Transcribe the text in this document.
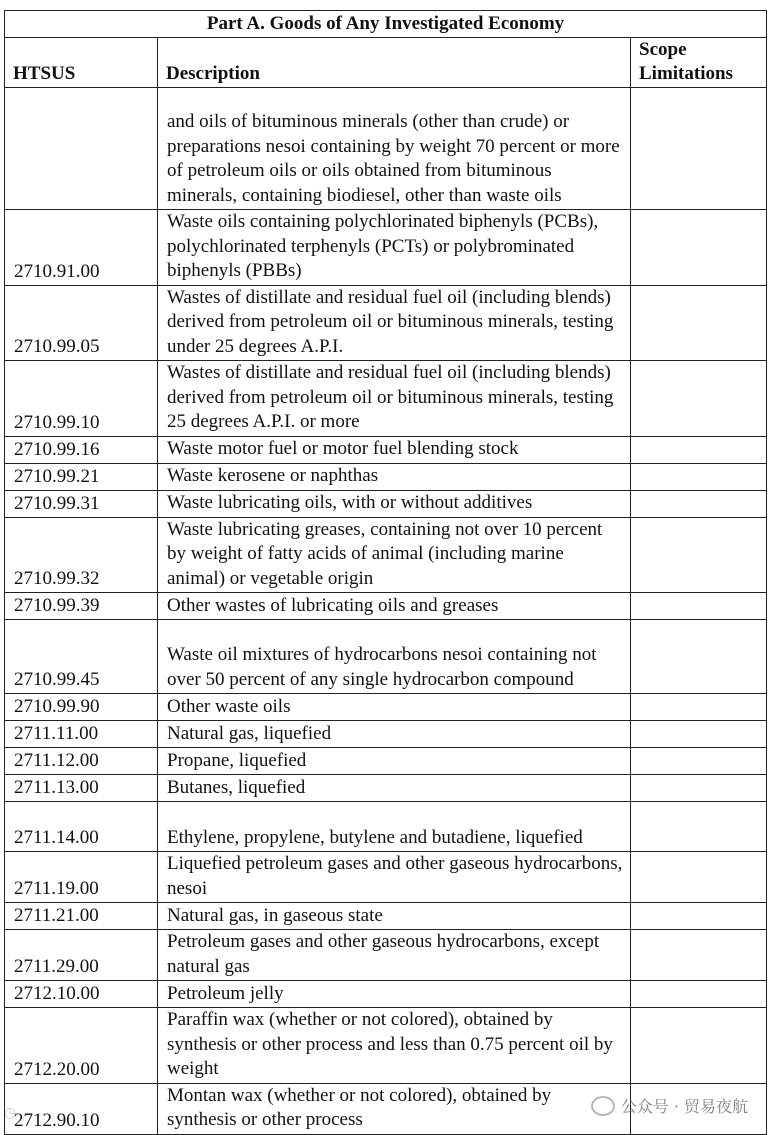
Part A. Goods of Any Investigated Economy		
HTSUS	Description	Scope Limitations
	and oils of bituminous minerals (other than crude) or preparations nesoi containing by weight 70 percent or more of petroleum oils or oils obtained from bituminous minerals, containing biodiesel, other than waste oils	
2710.91.00	Waste oils containing polychlorinated biphenyls (PCBs), polychlorinated terphenyls (PCTs) or polybrominated biphenyls (PBBs)	
2710.99.05	Wastes of distillate and residual fuel oil (including blends) derived from petroleum oil or bituminous minerals, testing under 25 degrees A.P.I.	
2710.99.10	Wastes of distillate and residual fuel oil (including blends) derived from petroleum oil or bituminous minerals, testing 25 degrees A.P.I. or more	
2710.99.16	Waste motor fuel or motor fuel blending stock	
2710.99.21	Waste kerosene or naphthas	
2710.99.31	Waste lubricating oils, with or without additives	
2710.99.32	Waste lubricating greases, containing not over 10 percent by weight of fatty acids of animal (including marine animal) or vegetable origin	
2710.99.39	Other wastes of lubricating oils and greases	
2710.99.45	Waste oil mixtures of hydrocarbons nesoi containing not over 50 percent of any single hydrocarbon compound	
2710.99.90	Other waste oils	
2711.11.00	Natural gas, liquefied	
2711.12.00	Propane, liquefied	
2711.13.00	Butanes, liquefied	
2711.14.00	Ethylene, propylene, butylene and butadiene, liquefied	
2711.19.00	Liquefied petroleum gases and other gaseous hydrocarbons, nesoi	
2711.21.00	Natural gas, in gaseous state	
2711.29.00	Petroleum gases and other gaseous hydrocarbons, except natural gas	
2712.10.00	Petroleum jelly	
2712.20.00	Paraffin wax (whether or not colored), obtained by synthesis or other process and less than 0.75 percent oil by weight	
2712.90.10	Montan wax (whether or not colored), obtained by synthesis or other process	
◷	公众号 · 贸易夜航
